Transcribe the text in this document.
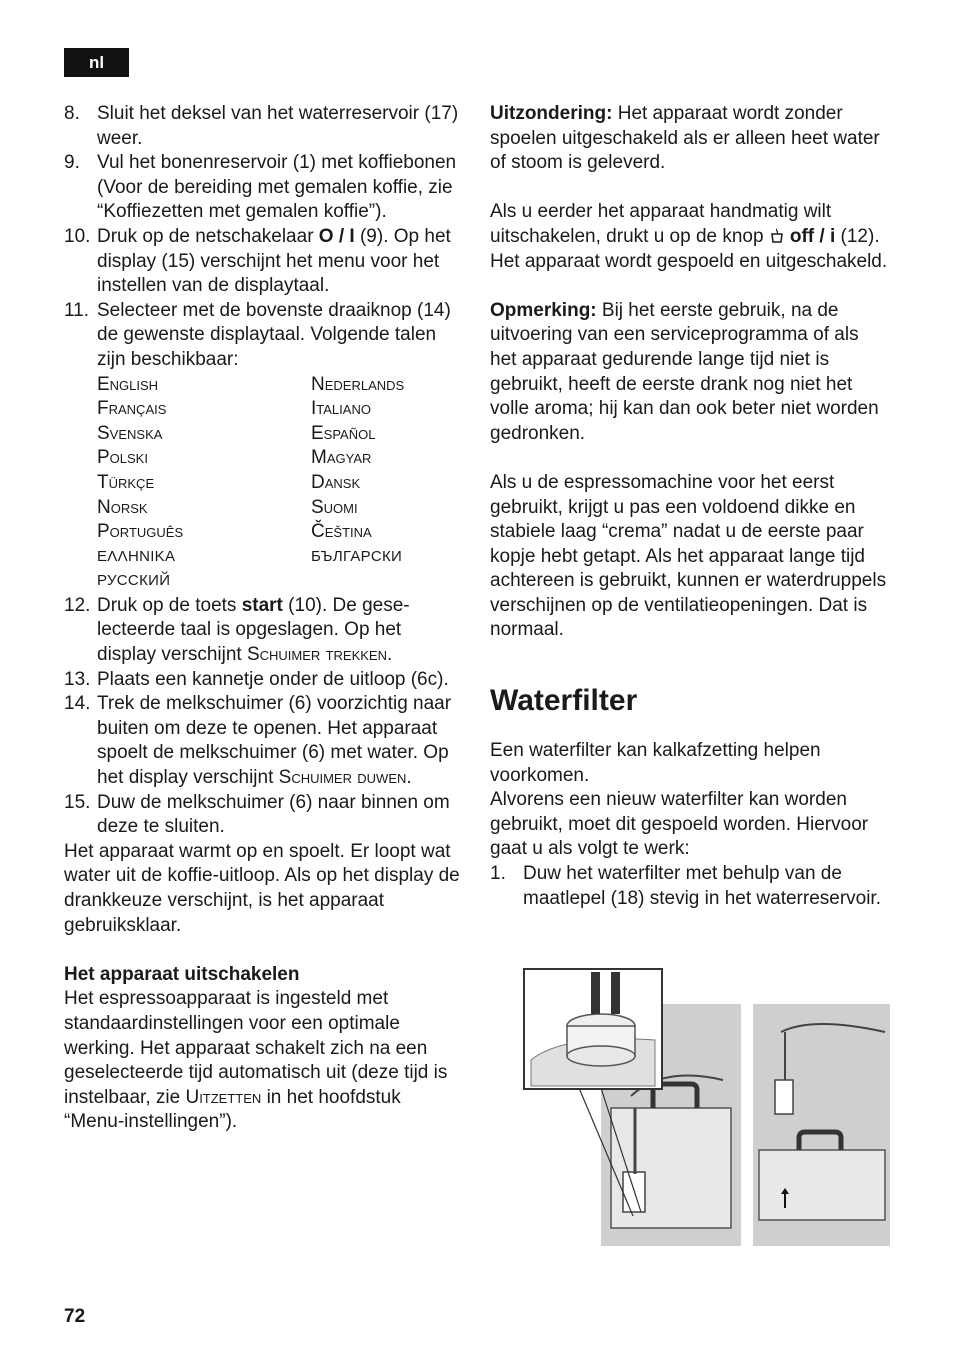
nl
8. Sluit het deksel van het waterreservoir (17) weer.
9. Vul het bonenreservoir (1) met koffiebonen (Voor de bereiding met gemalen koffie, zie “Koffiezetten met gemalen koffie”).
10. Druk op de netschakelaar O / I (9). Op het display (15) verschijnt het menu voor het instellen van de displaytaal.
11. Selecteer met de bovenste draaiknop (14) de gewenste displaytaal. Volgende talen zijn beschikbaar:
English	Nederlands
Français	Italiano
Svenska	Español
Polski	Magyar
Türkçe	Dansk
Norsk	Suomi
Português	Čeština
ΕΛΛΗΝΙΚΑ	БЪЛГАРСКИ
РУССКИЙ
12. Druk op de toets start (10). De geselecteerde taal is opgeslagen. Op het display verschijnt Schuimer trekken.
13. Plaats een kannetje onder de uitloop (6c).
14. Trek de melkschuimer (6) voorzichtig naar buiten om deze te openen. Het apparaat spoelt de melkschuimer (6) met water. Op het display verschijnt Schuimer duwen.
15. Duw de melkschuimer (6) naar binnen om deze te sluiten.

Het apparaat warmt op en spoelt. Er loopt wat water uit de koffie-uitloop. Als op het display de drankkeuze verschijnt, is het apparaat gebruiksklaar.

Het apparaat uitschakelen

Het espressoapparaat is ingesteld met standaardinstellingen voor een optimale werking. Het apparaat schakelt zich na een geselecteerde tijd automatisch uit (deze tijd is instelbaar, zie Uitzetten in het hoofdstuk “Menu-instellingen”).

Uitzondering: Het apparaat wordt zonder spoelen uitgeschakeld als er alleen heet water of stoom is geleverd.

Als u eerder het apparaat handmatig wilt uitschakelen, drukt u op de knop off / i (12). Het apparaat wordt gespoeld en uitgeschakeld.

Opmerking: Bij het eerste gebruik, na de uitvoering van een serviceprogramma of als het apparaat gedurende lange tijd niet is gebruikt, heeft de eerste drank nog niet het volle aroma; hij kan dan ook beter niet worden gedronken.

Als u de espressomachine voor het eerst gebruikt, krijgt u pas een voldoend dikke en stabiele laag “crema” nadat u de eerste paar kopje hebt getapt. Als het apparaat lange tijd achtereen is gebruikt, kunnen er waterdruppels verschijnen op de ventilatieopeningen. Dat is normaal.

Waterfilter

Een waterfilter kan kalkafzetting helpen voorkomen.

Alvorens een nieuw waterfilter kan worden gebruikt, moet dit gespoeld worden. Hiervoor gaat u als volgt te werk:

1. Duw het waterfilter met behulp van de maatlepel (18) stevig in het waterreservoir.
72
